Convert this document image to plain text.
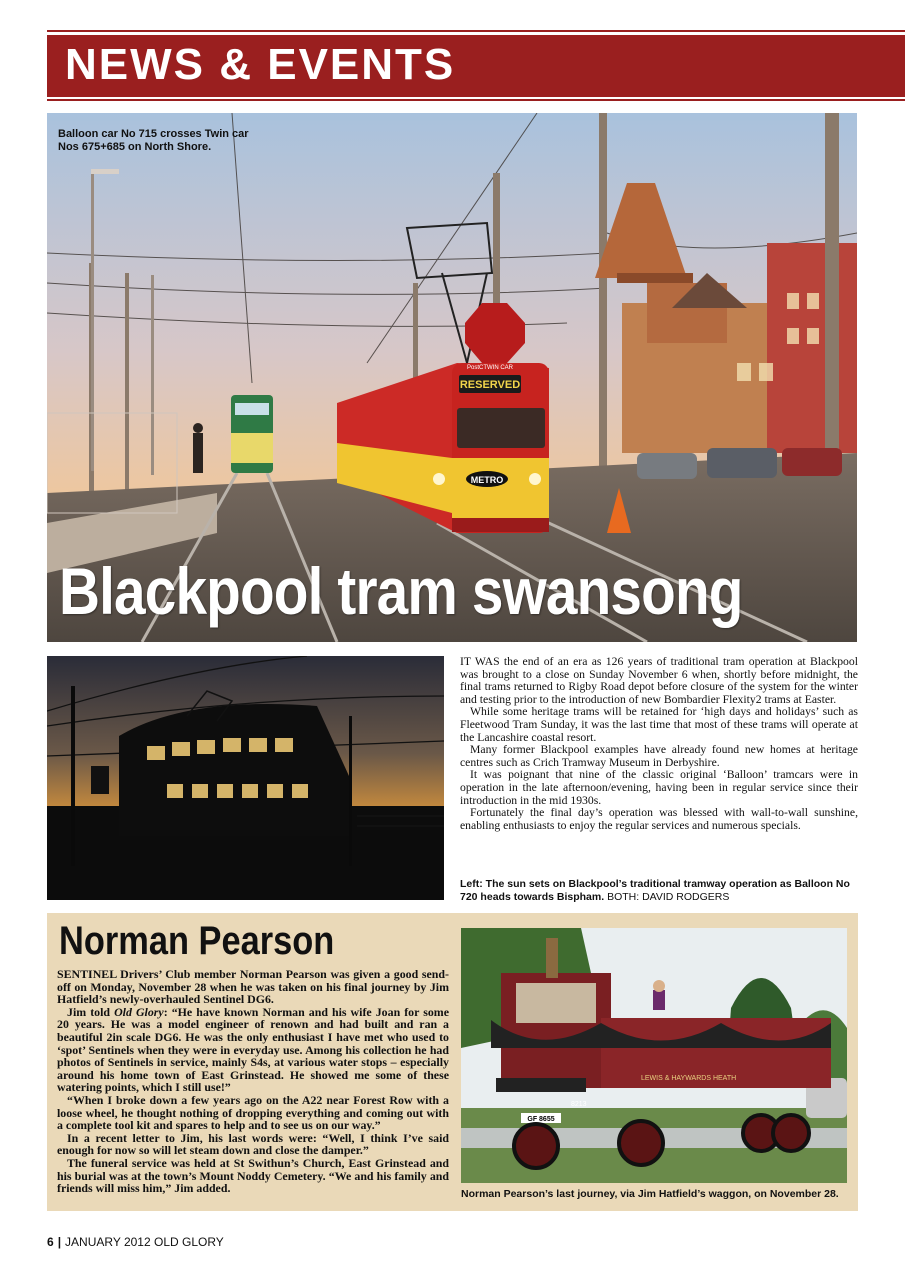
NEWS & EVENTS
RESERVED
PostCTWIN CAR
METRO
Balloon car No 715 crosses Twin car Nos 675+685 on North Shore.
Blackpool tram swansong

IT WAS the end of an era as 126 years of traditional tram operation at Blackpool was brought to a close on Sunday November 6 when, shortly before midnight, the final trams returned to Rigby Road depot before closure of the system for the winter and testing prior to the introduction of new Bombardier Flexity2 trams at Easter.

While some heritage trams will be retained for ‘high days and holidays’ such as Fleetwood Tram Sunday, it was the last time that most of these trams will operate at the Lancashire coastal resort.

Many former Blackpool examples have already found new homes at heritage centres such as Crich Tramway Museum in Derbyshire.

It was poignant that nine of the classic original ‘Balloon’ tramcars were in operation in the late afternoon/evening, having been in regular service since their introduction in the mid 1930s.

Fortunately the final day’s operation was blessed with wall-to-wall sunshine, enabling enthusiasts to enjoy the regular services and numerous specials.

Left: The sun sets on Blackpool’s traditional tramway operation as Balloon No 720 heads towards Bispham. BOTH: DAVID RODGERS
Norman Pearson

SENTINEL Drivers’ Club member Norman Pearson was given a good send-off on Monday, November 28 when he was taken on his final journey by Jim Hatfield’s newly-overhauled Sentinel DG6.

Jim told Old Glory: “He have known Norman and his wife Joan for some 20 years. He was a model engineer of renown and had built and ran a beautiful 2in scale DG6. He was the only enthusiast I have met who used to ‘spot’ Sentinels when they were in everyday use. Among his collection he had photos of Sentinels in service, mainly S4s, at various water stops – especially around his home town of East Grinstead. He showed me some of these watering points, which I still use!”

“When I broke down a few years ago on the A22 near Forest Row with a loose wheel, he thought nothing of dropping everything and coming out with a complete tool kit and spares to help and to see us on our way.”

In a recent letter to Jim, his last words were: “Well, I think I’ve said enough for now so will let steam down and close the damper.”

The funeral service was held at St Swithun’s Church, East Grinstead and his burial was at the town’s Mount Noddy Cemetery. “We and his family and friends will miss him,” Jim added.

LEWIS & HAYWARDS HEATH
GF 8655
8213
Norman Pearson’s last journey, via Jim Hatfield’s waggon, on November 28.
6 | JANUARY 2012 OLD GLORY
